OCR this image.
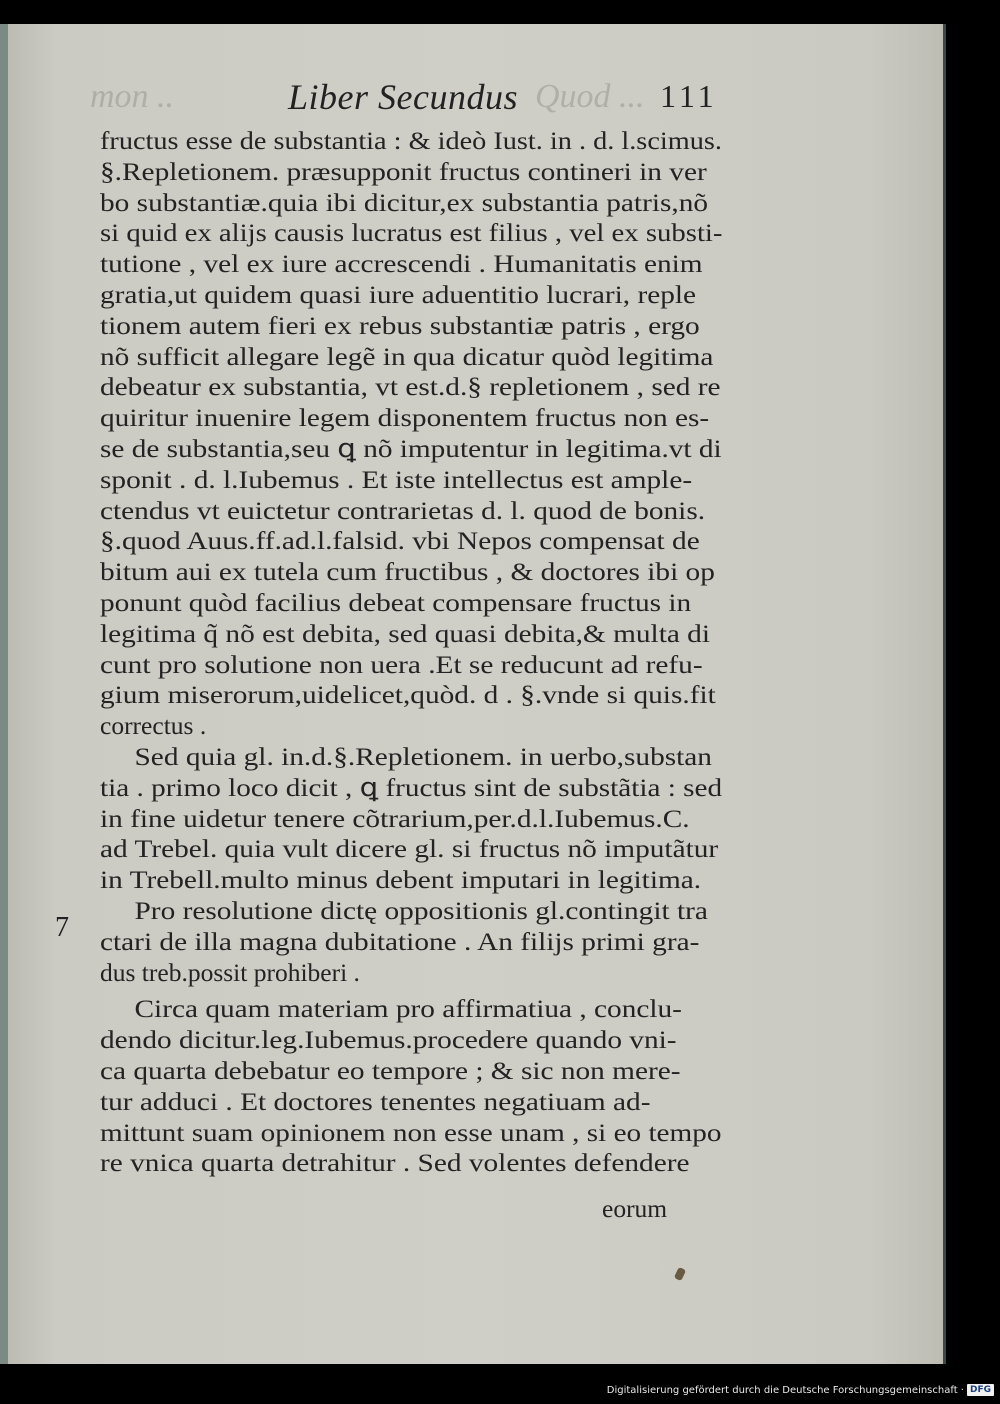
mon ..	Liber Secundus Quod ... 111
7
fructus esse de substantia : & ideò Iust. in . d. l.scimus.
§.Repletionem. præsupponit fructus contineri in ver
bo substantiæ.quia ibi dicitur,ex substantia patris,nõ
si quid ex alijs causis lucratus est filius , vel ex substi-
tutione , vel ex iure accrescendi . Humanitatis enim
gratia,ut quidem quasi iure aduentitio lucrari, reple
tionem autem fieri ex rebus substantiæ patris , ergo
nõ sufficit allegare legẽ in qua dicatur quòd legitima
debeatur ex substantia, vt est.d.§ repletionem , sed re
quiritur inuenire legem disponentem fructus non es-
se de substantia,seu ꝗ nõ imputentur in legitima.vt di
sponit . d. l.Iubemus . Et iste intellectus est ample-
ctendus vt euictetur contrarietas d. l. quod de bonis.
§.quod Auus.ff.ad.l.falsid. vbi Nepos compensat de
bitum aui ex tutela cum fructibus , & doctores ibi op
ponunt quòd facilius debeat compensare fructus in
legitima q̃ nõ est debita, sed quasi debita,& multa di
cunt pro solutione non uera .Et se reducunt ad refu-
gium miserorum,uidelicet,quòd. d . §.vnde si quis.fit
correctus .
Sed quia gl. in.d.§.Repletionem. in uerbo,substan
tia . primo loco dicit , ꝗ fructus sint de substãtia : sed
in fine uidetur tenere cõtrarium,per.d.l.Iubemus.C.
ad Trebel. quia vult dicere gl. si fructus nõ imputãtur
in Trebell.multo minus debent imputari in legitima.
Pro resolutione dictę oppositionis gl.contingit tra
ctari de illa magna dubitatione . An filijs primi gra-
dus treb.possit prohiberi .
Circa quam materiam pro affirmatiua , conclu-
dendo dicitur.leg.Iubemus.procedere quando vni-
ca quarta debebatur eo tempore ; & sic non mere-
tur adduci . Et doctores tenentes negatiuam ad-
mittunt suam opinionem non esse unam , si eo tempo
re vnica quarta detrahitur . Sed volentes defendere
eorum
Digitalisierung gefördert durch die Deutsche Forschungsgemeinschaft · DFG
